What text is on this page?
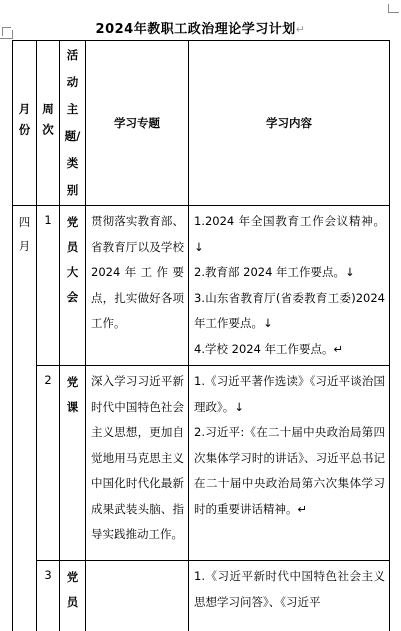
2024年教职工政治理论学习计划↵
月份	周次	活动主题/类别	学习专题	学习内容

四月	1	党员大会	贯彻落实教育部、省教育厅以及学校2024年工作要点，扎实做好各项工作。	1.2024 年全国教育工作会议精神。↓
2.教育部 2024 年工作要点。↓
3.山东省教育厅(省委教育工委)2024 年工作要点。↓
4.学校 2024 年工作要点。↵

	2	党课	深入学习习近平新时代中国特色社会主义思想，更加自觉地用马克思主义中国化时代化最新成果武装头脑、指导实践推动工作。	1.《习近平著作选读》《习近平谈治国理政》。↓
2.习近平:《在二十届中央政治局第四次集体学习时的讲话》、习近平总书记在二十届中央政治局第六次集体学习时的重要讲话精神。↵

	3	党员		1.《习近平新时代中国特色社会主义思想学习问答》、《习近平
